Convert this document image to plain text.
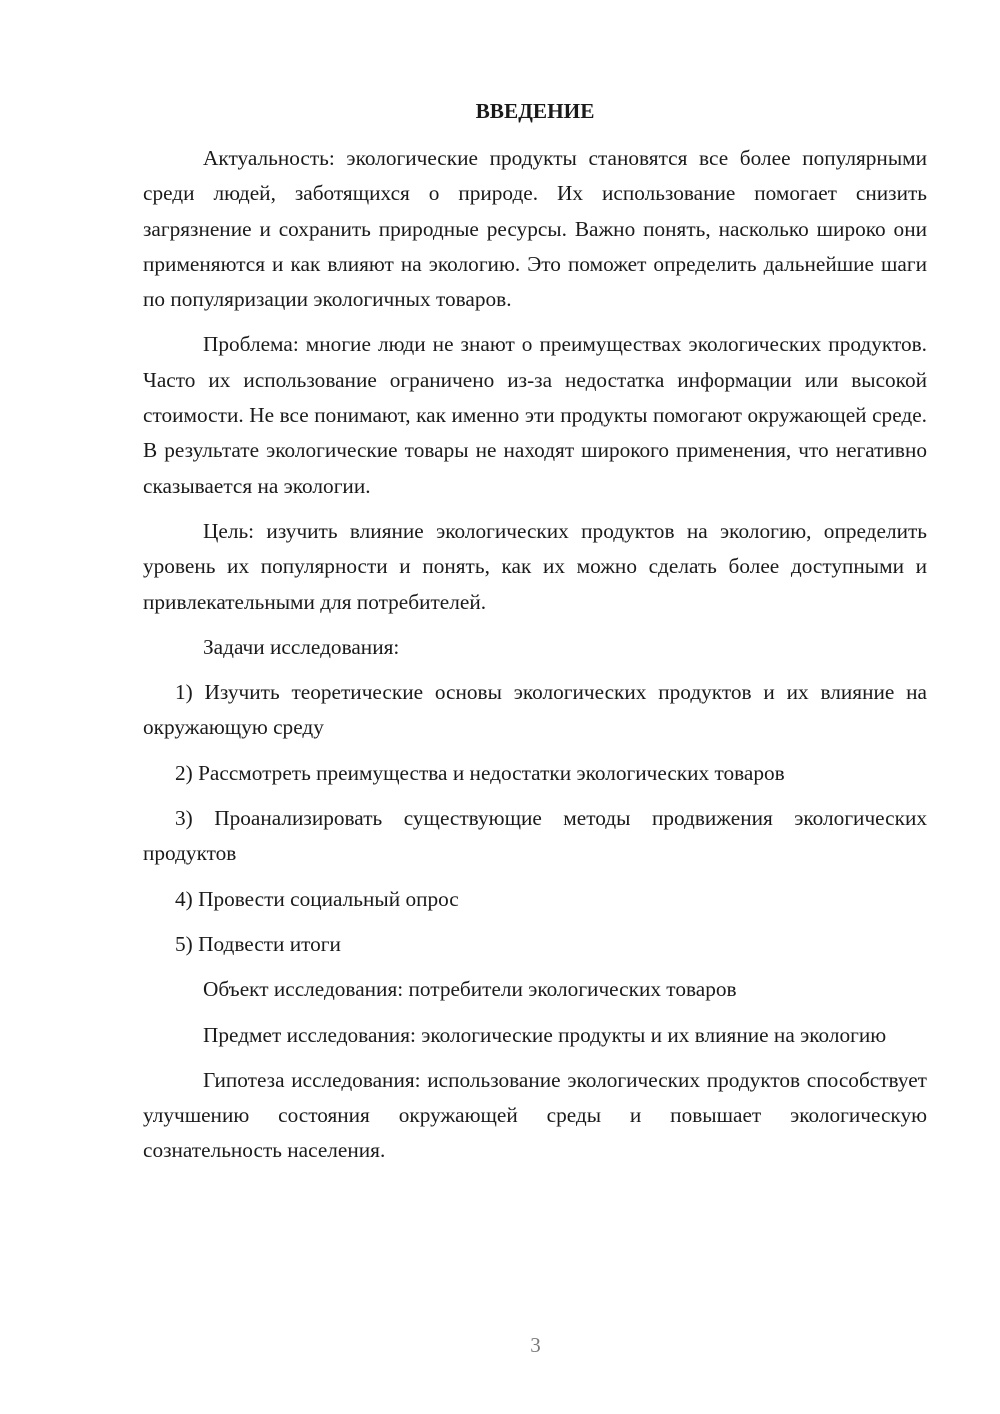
ВВЕДЕНИЕ

Актуальность: экологические продукты становятся все более популярными среди людей, заботящихся о природе. Их использование помогает снизить загрязнение и сохранить природные ресурсы. Важно понять, насколько широко они применяются и как влияют на экологию. Это поможет определить дальнейшие шаги по популяризации экологичных товаров.

Проблема: многие люди не знают о преимуществах экологических продуктов. Часто их использование ограничено из-за недостатка информации или высокой стоимости. Не все понимают, как именно эти продукты помогают окружающей среде. В результате экологические товары не находят широкого применения, что негативно сказывается на экологии.

Цель: изучить влияние экологических продуктов на экологию, определить уровень их популярности и понять, как их можно сделать более доступными и привлекательными для потребителей.

Задачи исследования:

1) Изучить теоретические основы экологических продуктов и их влияние на окружающую среду

2) Рассмотреть преимущества и недостатки экологических товаров

3) Проанализировать существующие методы продвижения экологических продуктов

4) Провести социальный опрос

5) Подвести итоги

Объект исследования: потребители экологических товаров

Предмет исследования: экологические продукты и их влияние на экологию

Гипотеза исследования: использование экологических продуктов способствует улучшению состояния окружающей среды и повышает экологическую сознательность населения.

3
